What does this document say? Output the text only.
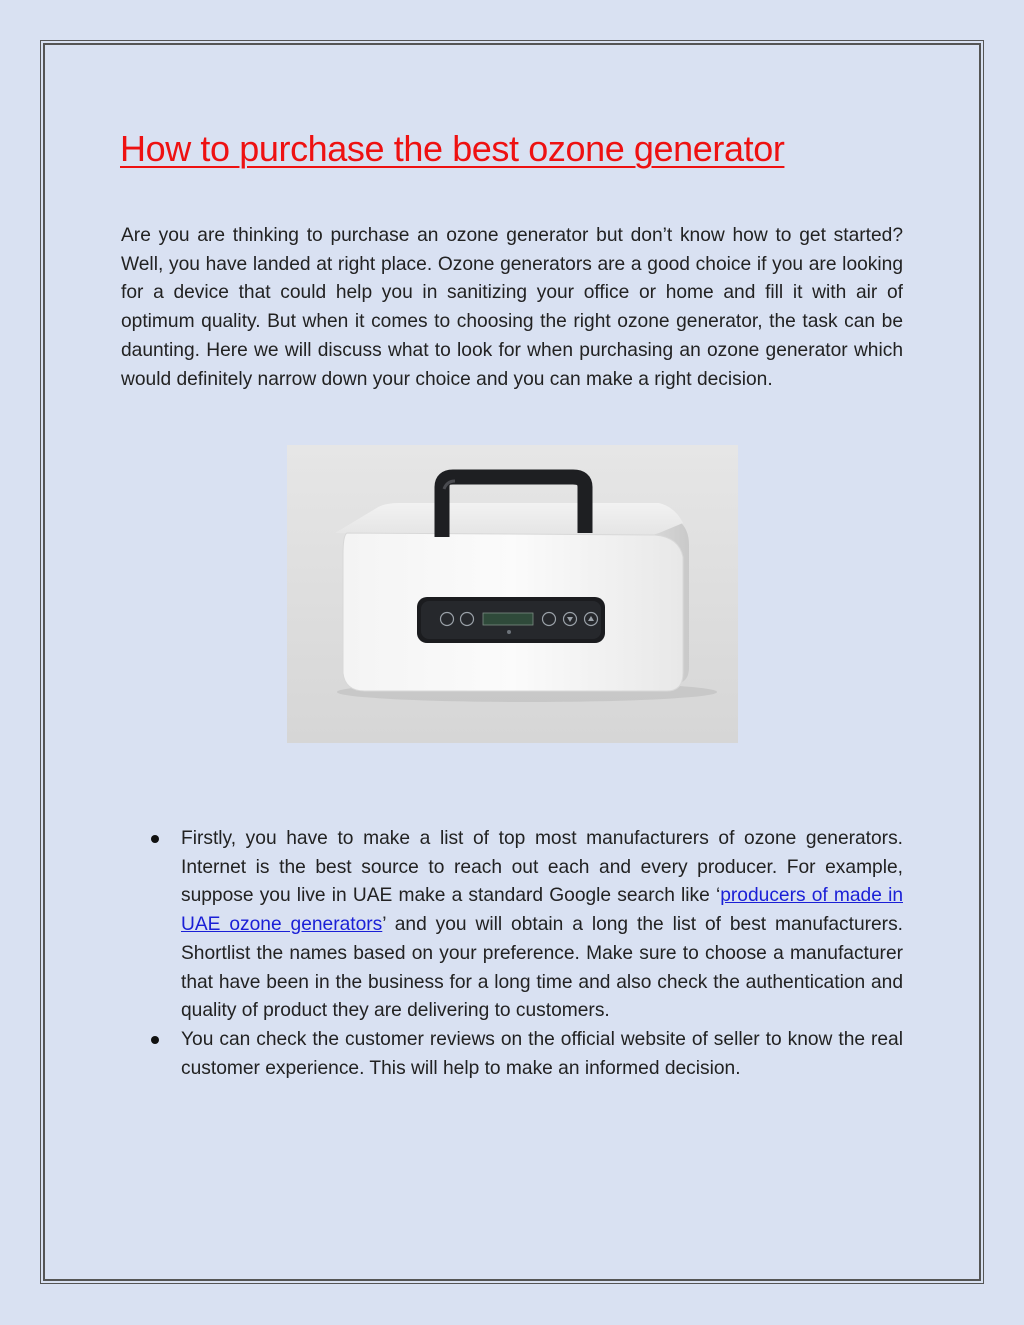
How to purchase the best ozone generator

Are you are thinking to purchase an ozone generator but don’t know how to get started? Well, you have landed at right place. Ozone generators are a good choice if you are looking for a device that could help you in sanitizing your office or home and fill it with air of optimum quality. But when it comes to choosing the right ozone generator, the task can be daunting. Here we will discuss what to look for when purchasing an ozone generator which would definitely narrow down your choice and you can make a right decision.

Firstly, you have to make a list of top most manufacturers of ozone generators. Internet is the best source to reach out each and every producer. For example, suppose you live in UAE make a standard Google search like ‘producers of made in UAE ozone generators’ and you will obtain a long the list of best manufacturers. Shortlist the names based on your preference. Make sure to choose a manufacturer that have been in the business for a long time and also check the authentication and quality of product they are delivering to customers.
You can check the customer reviews on the official website of seller to know the real customer experience. This will help to make an informed decision.
